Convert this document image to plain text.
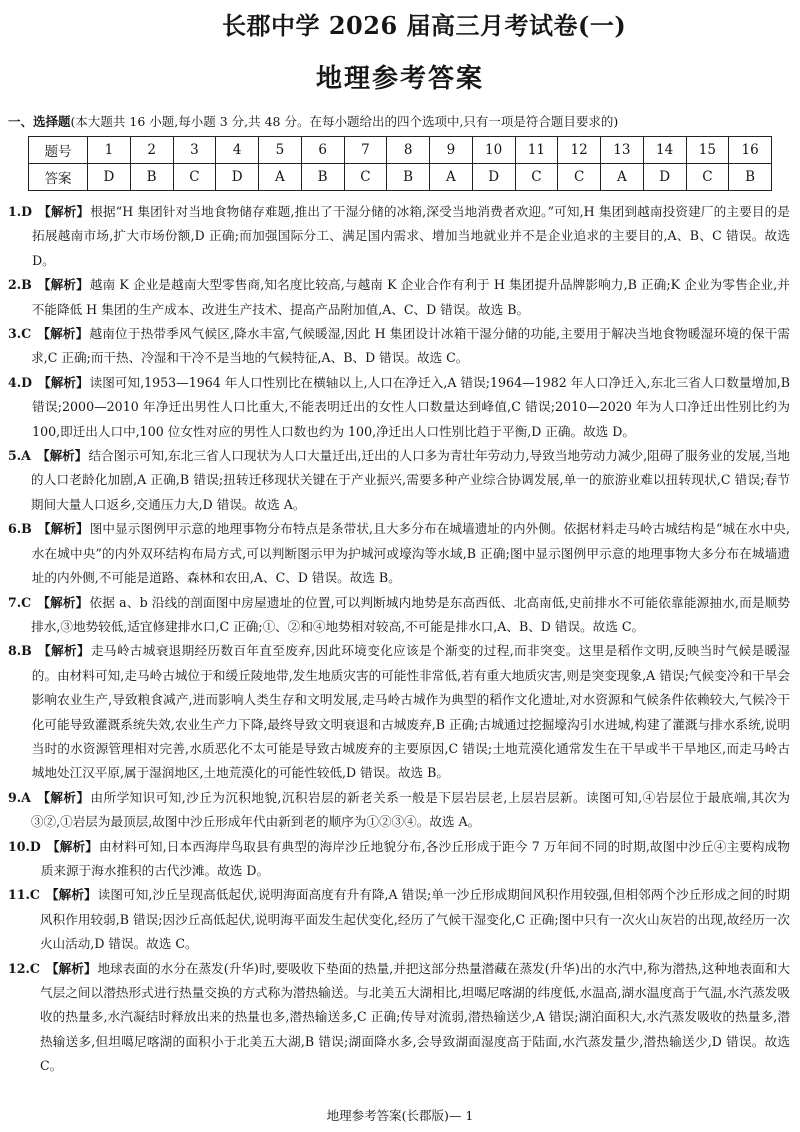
长郡中学 2026 届高三月考试卷(一)
地理参考答案
一、选择题(本大题共 16 小题,每小题 3 分,共 48 分。在每小题给出的四个选项中,只有一项是符合题目要求的)
题号	1	2	3	4	5	6	7	8	9	10	11	12	13	14	15	16
答案	D	B	C	D	A	B	C	B	A	D	C	C	A	D	C	B
1.D 【解析】根据“H 集团针对当地食物储存难题,推出了干湿分储的冰箱,深受当地消费者欢迎。”可知,H 集团到越南投资建厂的主要目的是拓展越南市场,扩大市场份额,D 正确;而加强国际分工、满足国内需求、增加当地就业并不是企业追求的主要目的,A、B、C 错误。故选 D。
2.B 【解析】越南 K 企业是越南大型零售商,知名度比较高,与越南 K 企业合作有利于 H 集团提升品牌影响力,B 正确;K 企业为零售企业,并不能降低 H 集团的生产成本、改进生产技术、提高产品附加值,A、C、D 错误。故选 B。
3.C 【解析】越南位于热带季风气候区,降水丰富,气候暖湿,因此 H 集团设计冰箱干湿分储的功能,主要用于解决当地食物暖湿环境的保干需求,C 正确;而干热、冷湿和干冷不是当地的气候特征,A、B、D 错误。故选 C。
4.D 【解析】读图可知,1953—1964 年人口性别比在横轴以上,人口在净迁入,A 错误;1964—1982 年人口净迁入,东北三省人口数量增加,B 错误;2000—2010 年净迁出男性人口比重大,不能表明迁出的女性人口数量达到峰值,C 错误;2010—2020 年为人口净迁出性别比约为 100,即迁出人口中,100 位女性对应的男性人口数也约为 100,净迁出人口性别比趋于平衡,D 正确。故选 D。
5.A 【解析】结合图示可知,东北三省人口现状为人口大量迁出,迁出的人口多为青壮年劳动力,导致当地劳动力减少,阻碍了服务业的发展,当地的人口老龄化加剧,A 正确,B 错误;扭转迁移现状关键在于产业振兴,需要多种产业综合协调发展,单一的旅游业难以扭转现状,C 错误;春节期间大量人口返乡,交通压力大,D 错误。故选 A。
6.B 【解析】图中显示图例甲示意的地理事物分布特点是条带状,且大多分布在城墙遗址的内外侧。依据材料走马岭古城结构是“城在水中央,水在城中央”的内外双环结构布局方式,可以判断图示甲为护城河或壕沟等水域,B 正确;图中显示图例甲示意的地理事物大多分布在城墙遗址的内外侧,不可能是道路、森林和农田,A、C、D 错误。故选 B。
7.C 【解析】依据 a、b 沿线的剖面图中房屋遗址的位置,可以判断城内地势是东高西低、北高南低,史前排水不可能依靠能源抽水,而是顺势排水,③地势较低,适宜修建排水口,C 正确;①、②和④地势相对较高,不可能是排水口,A、B、D 错误。故选 C。
8.B 【解析】走马岭古城衰退期经历数百年直至废弃,因此环境变化应该是个渐变的过程,而非突变。这里是稻作文明,反映当时气候是暖湿的。由材料可知,走马岭古城位于和缓丘陵地带,发生地质灾害的可能性非常低,若有重大地质灾害,则是突变现象,A 错误;气候变冷和干旱会影响农业生产,导致粮食减产,进而影响人类生存和文明发展,走马岭古城作为典型的稻作文化遗址,对水资源和气候条件依赖较大,气候冷干化可能导致灌溉系统失效,农业生产力下降,最终导致文明衰退和古城废弃,B 正确;古城通过挖掘壕沟引水进城,构建了灌溉与排水系统,说明当时的水资源管理相对完善,水质恶化不太可能是导致古城废弃的主要原因,C 错误;土地荒漠化通常发生在干旱或半干旱地区,而走马岭古城地处江汉平原,属于湿润地区,土地荒漠化的可能性较低,D 错误。故选 B。
9.A 【解析】由所学知识可知,沙丘为沉积地貌,沉积岩层的新老关系一般是下层岩层老,上层岩层新。读图可知,④岩层位于最底端,其次为③②,①岩层为最顶层,故图中沙丘形成年代由新到老的顺序为①②③④。故选 A。
10.D 【解析】由材料可知,日本西海岸鸟取县有典型的海岸沙丘地貌分布,各沙丘形成于距今 7 万年间不同的时期,故图中沙丘④主要构成物质来源于海水推积的古代沙滩。故选 D。
11.C 【解析】读图可知,沙丘呈现高低起伏,说明海面高度有升有降,A 错误;单一沙丘形成期间风积作用较强,但相邻两个沙丘形成之间的时期风积作用较弱,B 错误;因沙丘高低起伏,说明海平面发生起伏变化,经历了气候干湿变化,C 正确;图中只有一次火山灰岩的出现,故经历一次火山活动,D 错误。故选 C。
12.C 【解析】地球表面的水分在蒸发(升华)时,要吸收下垫面的热量,并把这部分热量潜藏在蒸发(升华)出的水汽中,称为潜热,这种地表面和大气层之间以潜热形式进行热量交换的方式称为潜热输送。与北美五大湖相比,坦噶尼喀湖的纬度低,水温高,湖水温度高于气温,水汽蒸发吸收的热量多,水汽凝结时释放出来的热量也多,潜热输送多,C 正确;传导对流弱,潜热输送少,A 错误;湖泊面积大,水汽蒸发吸收的热量多,潜热输送多,但坦噶尼喀湖的面积小于北美五大湖,B 错误;湖面降水多,会导致湖面湿度高于陆面,水汽蒸发量少,潜热输送少,D 错误。故选 C。
地理参考答案(长郡版)— 1
